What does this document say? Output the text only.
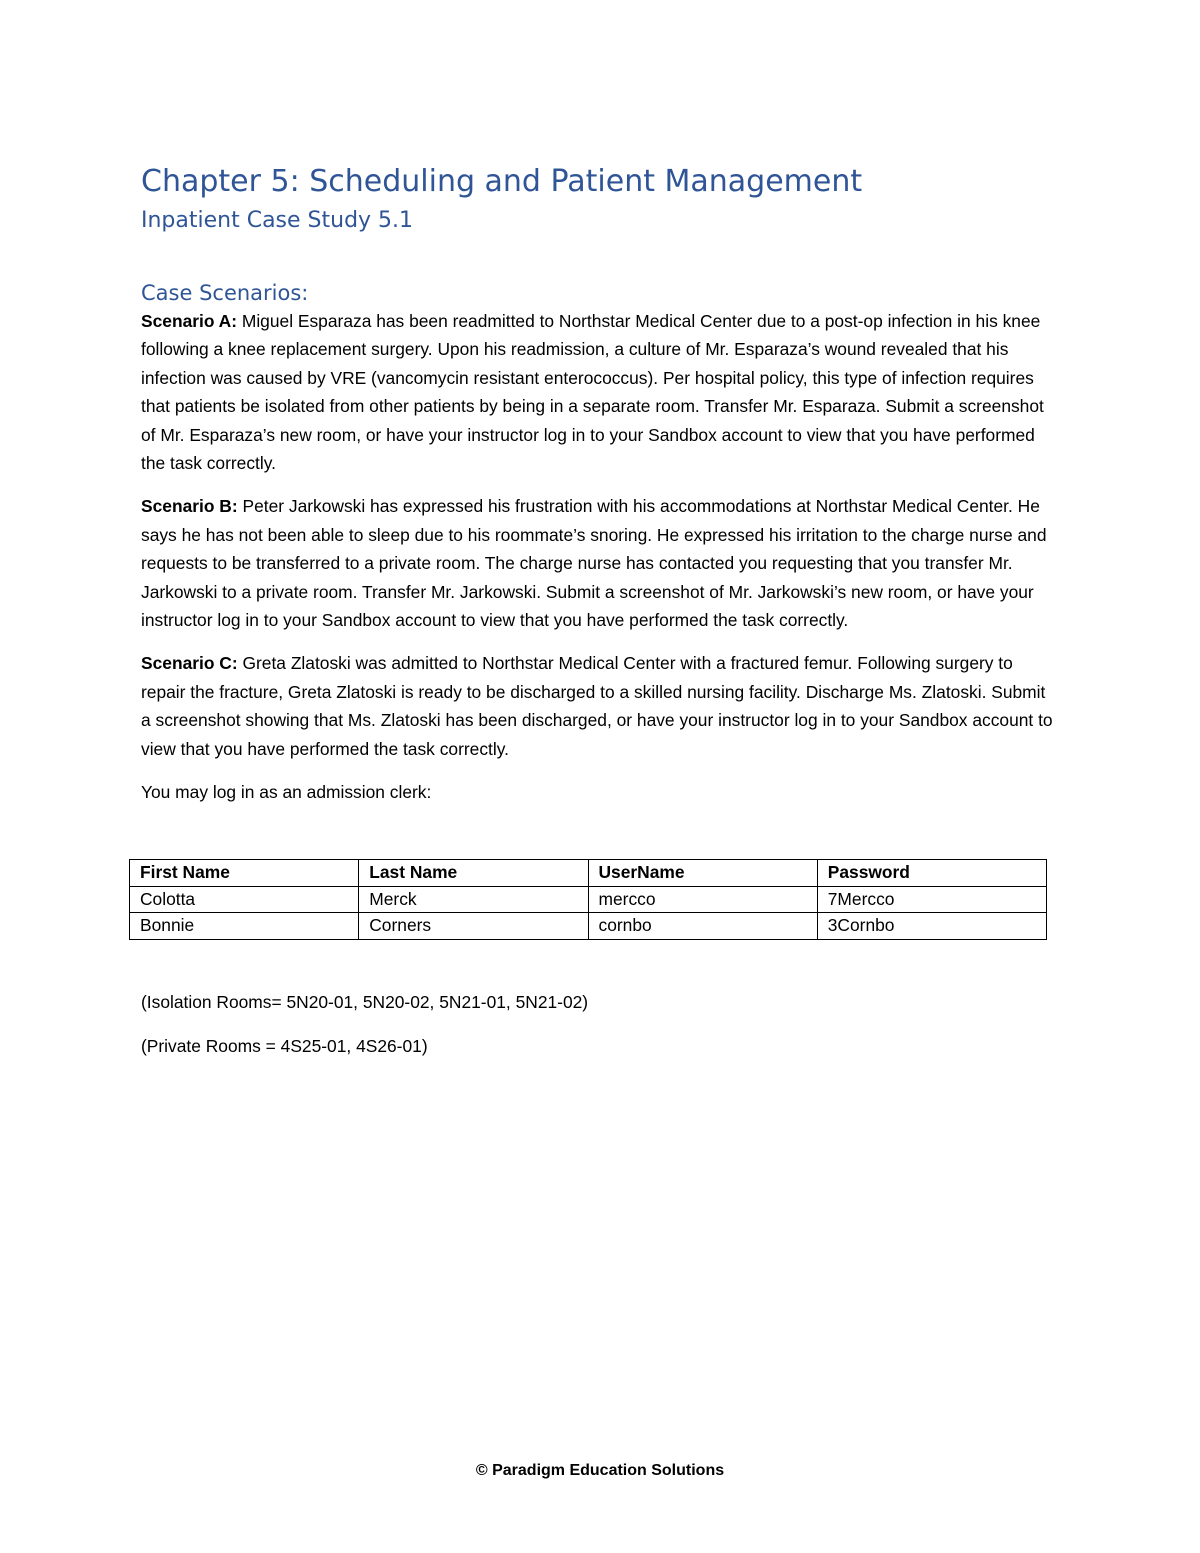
Chapter 5: Scheduling and Patient Management
Inpatient Case Study 5.1
Case Scenarios:

Scenario A: Miguel Esparaza has been readmitted to Northstar Medical Center due to a post-op infection in his knee following a knee replacement surgery. Upon his readmission, a culture of Mr. Esparaza’s wound revealed that his infection was caused by VRE (vancomycin resistant enterococcus). Per hospital policy, this type of infection requires that patients be isolated from other patients by being in a separate room. Transfer Mr. Esparaza. Submit a screenshot of Mr. Esparaza’s new room, or have your instructor log in to your Sandbox account to view that you have performed the task correctly.

Scenario B: Peter Jarkowski has expressed his frustration with his accommodations at Northstar Medical Center. He says he has not been able to sleep due to his roommate’s snoring. He expressed his irritation to the charge nurse and requests to be transferred to a private room. The charge nurse has contacted you requesting that you transfer Mr. Jarkowski to a private room. Transfer Mr. Jarkowski. Submit a screenshot of Mr. Jarkowski’s new room, or have your instructor log in to your Sandbox account to view that you have performed the task correctly.

Scenario C: Greta Zlatoski was admitted to Northstar Medical Center with a fractured femur. Following surgery to repair the fracture, Greta Zlatoski is ready to be discharged to a skilled nursing facility. Discharge Ms. Zlatoski. Submit a screenshot showing that Ms. Zlatoski has been discharged, or have your instructor log in to your Sandbox account to view that you have performed the task correctly.

You may log in as an admission clerk:

First Name	Last Name	UserName	Password
Colotta	Merck	mercco	7Mercco
Bonnie	Corners	cornbo	3Cornbo

(Isolation Rooms= 5N20-01, 5N20-02, 5N21-01, 5N21-02)

(Private Rooms = 4S25-01, 4S26-01)

© Paradigm Education Solutions
